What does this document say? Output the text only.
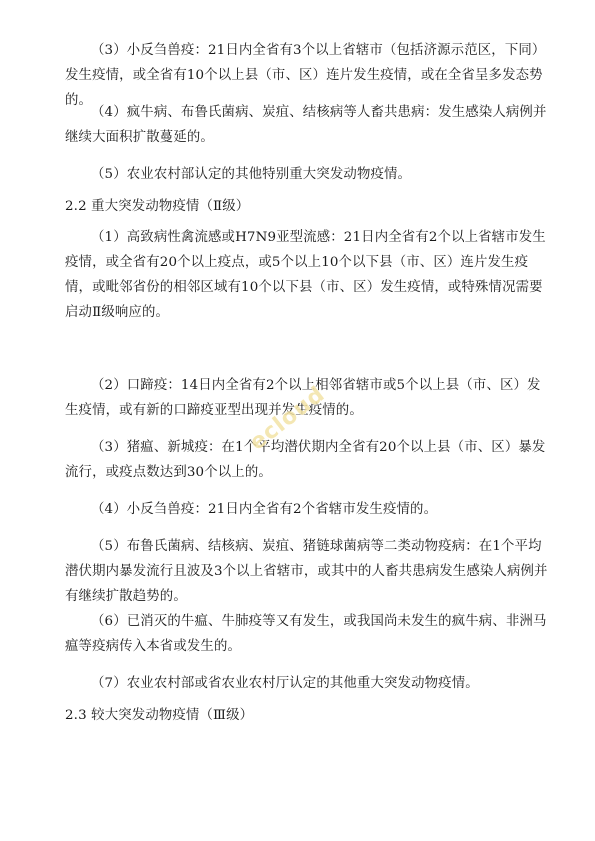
（3）小反刍兽疫：21日内全省有3个以上省辖市（包括济源示范区，下同）发生疫情，或全省有10个以上县（市、区）连片发生疫情，或在全省呈多发态势的。

（4）疯牛病、布鲁氏菌病、炭疽、结核病等人畜共患病：发生感染人病例并继续大面积扩散蔓延的。

（5）农业农村部认定的其他特别重大突发动物疫情。

2.2 重大突发动物疫情（Ⅱ级）

（1）高致病性禽流感或H7N9亚型流感：21日内全省有2个以上省辖市发生疫情，或全省有20个以上疫点，或5个以上10个以下县（市、区）连片发生疫情，或毗邻省份的相邻区域有10个以下县（市、区）发生疫情，或特殊情况需要启动Ⅱ级响应的。

（2）口蹄疫：14日内全省有2个以上相邻省辖市或5个以上县（市、区）发生疫情，或有新的口蹄疫亚型出现并发生疫情的。

（3）猪瘟、新城疫：在1个平均潜伏期内全省有20个以上县（市、区）暴发流行，或疫点数达到30个以上的。

（4）小反刍兽疫：21日内全省有2个省辖市发生疫情的。

（5）布鲁氏菌病、结核病、炭疽、猪链球菌病等二类动物疫病：在1个平均潜伏期内暴发流行且波及3个以上省辖市，或其中的人畜共患病发生感染人病例并有继续扩散趋势的。

（6）已消灭的牛瘟、牛肺疫等又有发生，或我国尚未发生的疯牛病、非洲马瘟等疫病传入本省或发生的。

（7）农业农村部或省农业农村厅认定的其他重大突发动物疫情。

2.3 较大突发动物疫情（Ⅲ级）

ecloud
